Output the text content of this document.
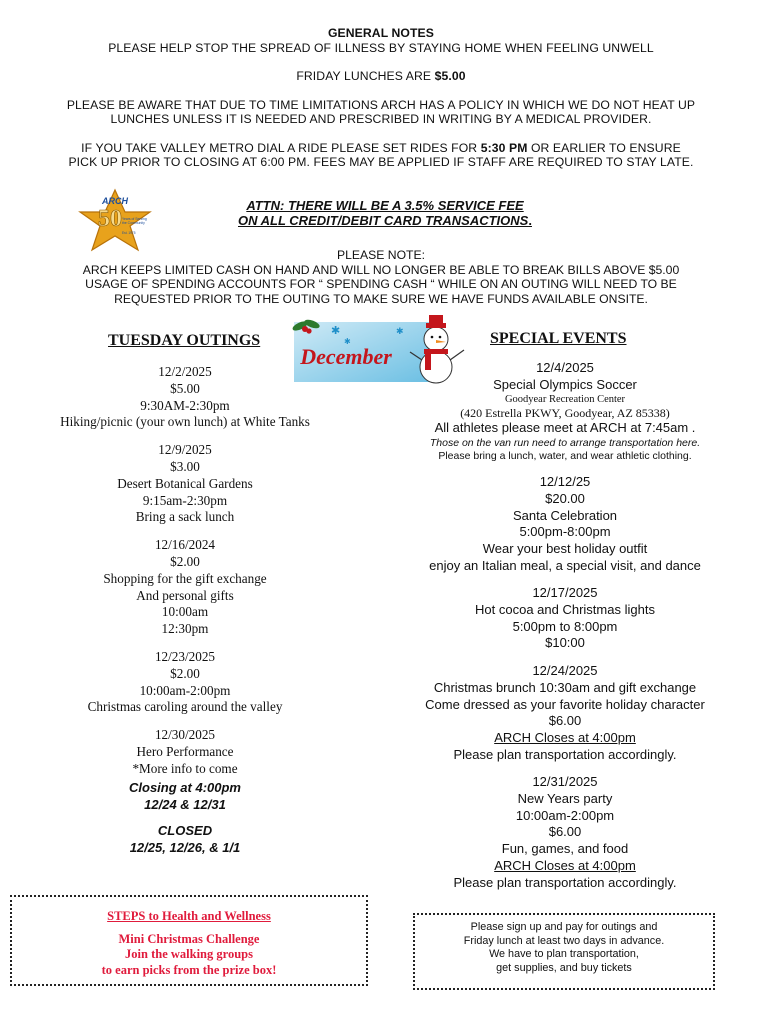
GENERAL NOTES
PLEASE HELP STOP THE SPREAD OF ILLNESS BY STAYING HOME WHEN FEELING UNWELL
FRIDAY LUNCHES ARE $5.00
PLEASE BE AWARE THAT DUE TO TIME LIMITATIONS ARCH HAS A POLICY IN WHICH WE DO NOT HEAT UP
LUNCHES UNLESS IT IS NEEDED AND PRESCRIBED IN WRITING BY A MEDICAL PROVIDER.
IF YOU TAKE VALLEY METRO DIAL A RIDE PLEASE SET RIDES FOR 5:30 PM OR EARLIER TO ENSURE
PICK UP PRIOR TO CLOSING AT 6:00 PM. FEES MAY BE APPLIED IF STAFF ARE REQUIRED TO STAY LATE.
ARCH
50 Years of Serving
the Community
Est. 1975
ATTN: THERE WILL BE A 3.5% SERVICE FEE
ON ALL CREDIT/DEBIT CARD TRANSACTIONS.
PLEASE NOTE:
ARCH KEEPS LIMITED CASH ON HAND AND WILL NO LONGER BE ABLE TO BREAK BILLS ABOVE $5.00
USAGE OF SPENDING ACCOUNTS FOR “ SPENDING CASH “ WHILE ON AN OUTING WILL NEED TO BE
REQUESTED PRIOR TO THE OUTING TO MAKE SURE WE HAVE FUNDS AVAILABLE ONSITE.
TUESDAY OUTINGS	SPECIAL EVENTS
✱
✱
✱
December
12/2/2025
$5.00
9:30AM-2:30pm
Hiking/picnic (your own lunch) at White Tanks
12/9/2025
$3.00
Desert Botanical Gardens
9:15am-2:30pm
Bring a sack lunch
12/16/2024
$2.00
Shopping for the gift exchange
And personal gifts
10:00am
12:30pm
12/23/2025
$2.00
10:00am-2:00pm
Christmas caroling around the valley
12/30/2025
Hero Performance
*More info to come
Closing at 4:00pm
12/24 & 12/31
CLOSED
12/25, 12/26, & 1/1
12/4/2025
Special Olympics Soccer
Goodyear Recreation Center
(420 Estrella PKWY, Goodyear, AZ 85338)
All athletes please meet at ARCH at 7:45am .
Those on the van run need to arrange transportation here.
Please bring a lunch, water, and wear athletic clothing.
12/12/25
$20.00
Santa Celebration
5:00pm-8:00pm
Wear your best holiday outfit
enjoy an Italian meal, a special visit, and dance
12/17/2025
Hot cocoa and Christmas lights
5:00pm to 8:00pm
$10:00
12/24/2025
Christmas brunch 10:30am and gift exchange
Come dressed as your favorite holiday character
$6.00
ARCH Closes at 4:00pm
Please plan transportation accordingly.
12/31/2025
New Years party
10:00am-2:00pm
$6.00
Fun, games, and food
ARCH Closes at 4:00pm
Please plan transportation accordingly.
STEPS to Health and Wellness
Mini Christmas Challenge
Join the walking groups
to earn picks from the prize box!
Please sign up and pay for outings and
Friday lunch at least two days in advance.
We have to plan transportation,
get supplies, and buy tickets
